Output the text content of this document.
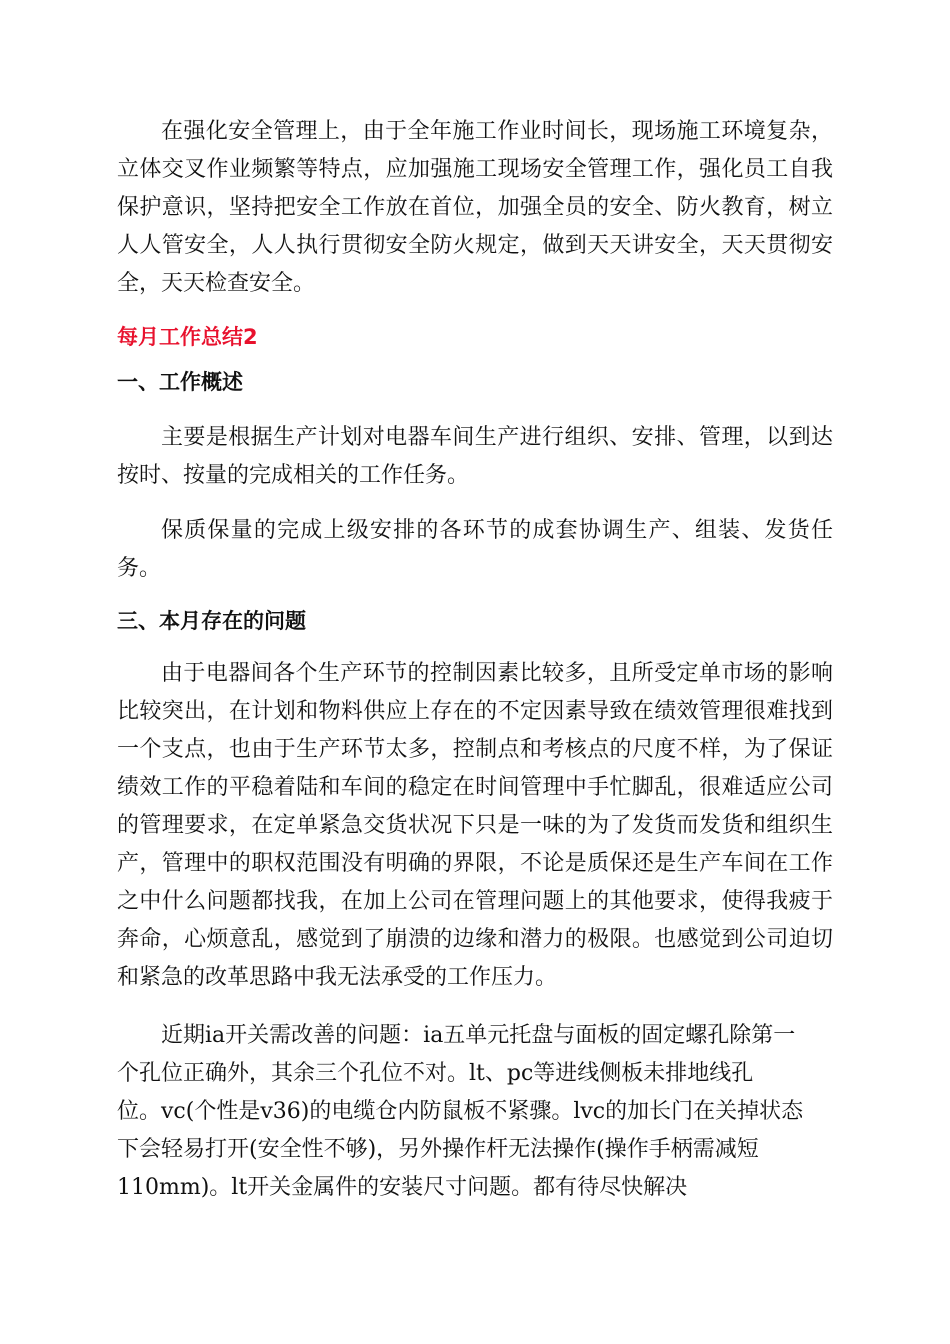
在强化安全管理上，由于全年施工作业时间长，现场施工环境复杂，立体交叉作业频繁等特点，应加强施工现场安全管理工作，强化员工自我保护意识，坚持把安全工作放在首位，加强全员的安全、防火教育，树立人人管安全，人人执行贯彻安全防火规定，做到天天讲安全，天天贯彻安全，天天检查安全。

每月工作总结2
一、工作概述

主要是根据生产计划对电器车间生产进行组织、安排、管理，以到达按时、按量的完成相关的工作任务。

保质保量的完成上级安排的各环节的成套协调生产、组装、发货任务。

三、本月存在的问题

由于电器间各个生产环节的控制因素比较多，且所受定单市场的影响比较突出，在计划和物料供应上存在的不定因素导致在绩效管理很难找到一个支点，也由于生产环节太多，控制点和考核点的尺度不样，为了保证绩效工作的平稳着陆和车间的稳定在时间管理中手忙脚乱，很难适应公司的管理要求，在定单紧急交货状况下只是一味的为了发货而发货和组织生产，管理中的职权范围没有明确的界限，不论是质保还是生产车间在工作之中什么问题都找我，在加上公司在管理问题上的其他要求，使得我疲于奔命，心烦意乱，感觉到了崩溃的边缘和潜力的极限。也感觉到公司迫切和紧急的改革思路中我无法承受的工作压力。

近期ia开关需改善的问题：ia五单元托盘与面板的固定螺孔除第一
个孔位正确外，其余三个孔位不对。lt、pc等进线侧板未排地线孔
位。vc(个性是v36)的电缆仓内防鼠板不紧骤。lvc的加长门在关掉状态
下会轻易打开(安全性不够)，另外操作杆无法操作(操作手柄需减短
110mm)。lt开关金属件的安装尺寸问题。都有待尽快解决
